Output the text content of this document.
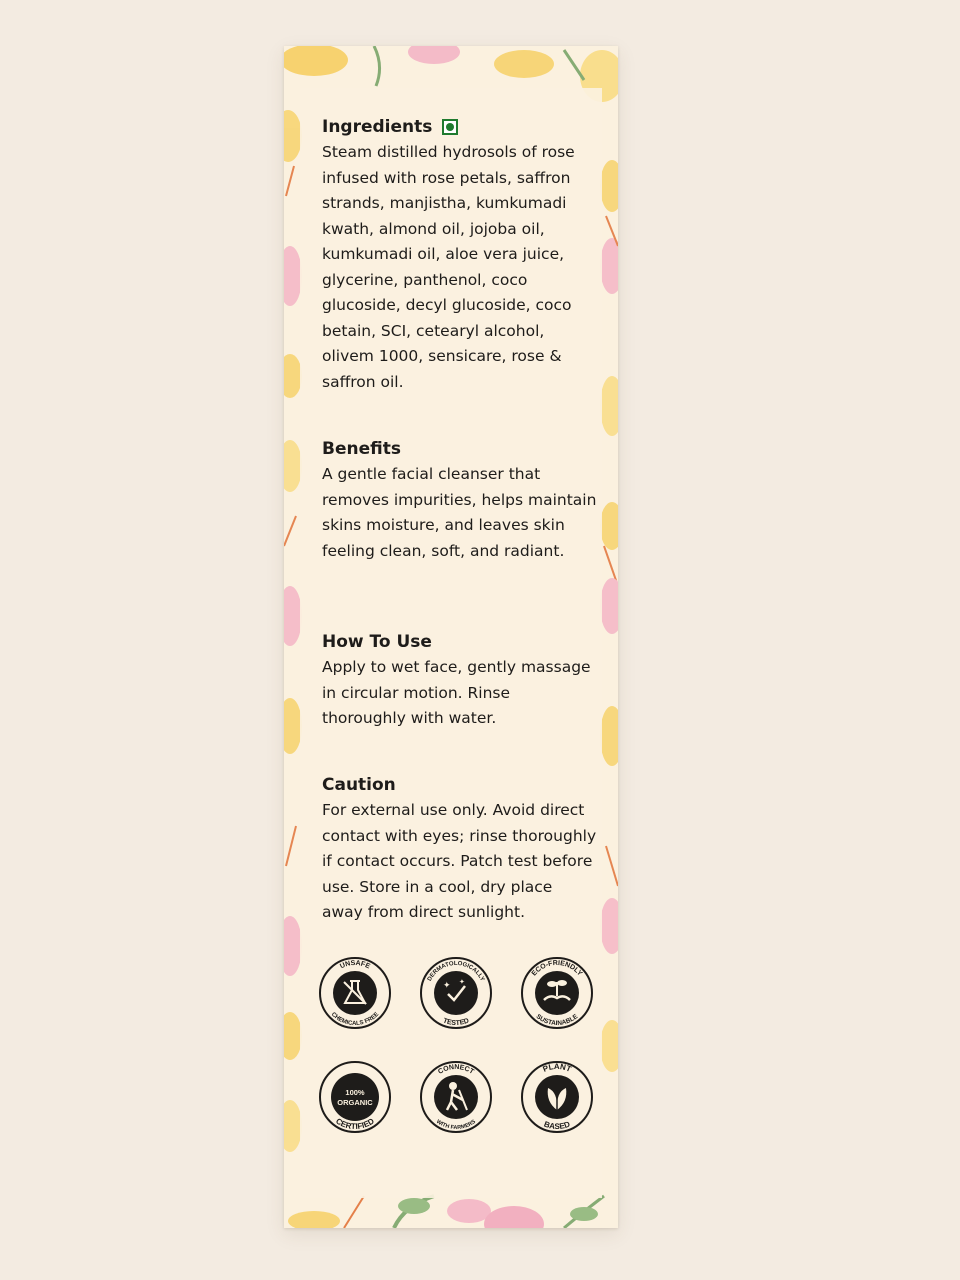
Ingredients

Steam distilled hydrosols of rose infused with rose petals, saffron strands, manjistha, kumkumadi kwath, almond oil, jojoba oil, kumkumadi oil, aloe vera juice, glycerine, panthenol, coco glucoside, decyl glucoside, coco betain, SCI, cetearyl alcohol, olivem 1000, sensicare, rose & saffron oil.

Benefits

A gentle facial cleanser that removes impurities, helps maintain skins moisture, and leaves skin feeling clean, soft, and radiant.

How To Use

Apply to wet face, gently massage in circular motion. Rinse thoroughly with water.

Caution

For external use only. Avoid direct contact with eyes; rinse thoroughly if contact occurs. Patch test before use. Store in a cool, dry place away from direct sunlight.

UNSAFE
CHEMICALS FREE
DERMATOLOGICALLY
TESTED
✦ ✦
ECO-FRIENDLY
SUSTAINABLE
100%
ORGANIC
CERTIFIED
CONNECT
WITH FARMERS
PLANT
BASED
